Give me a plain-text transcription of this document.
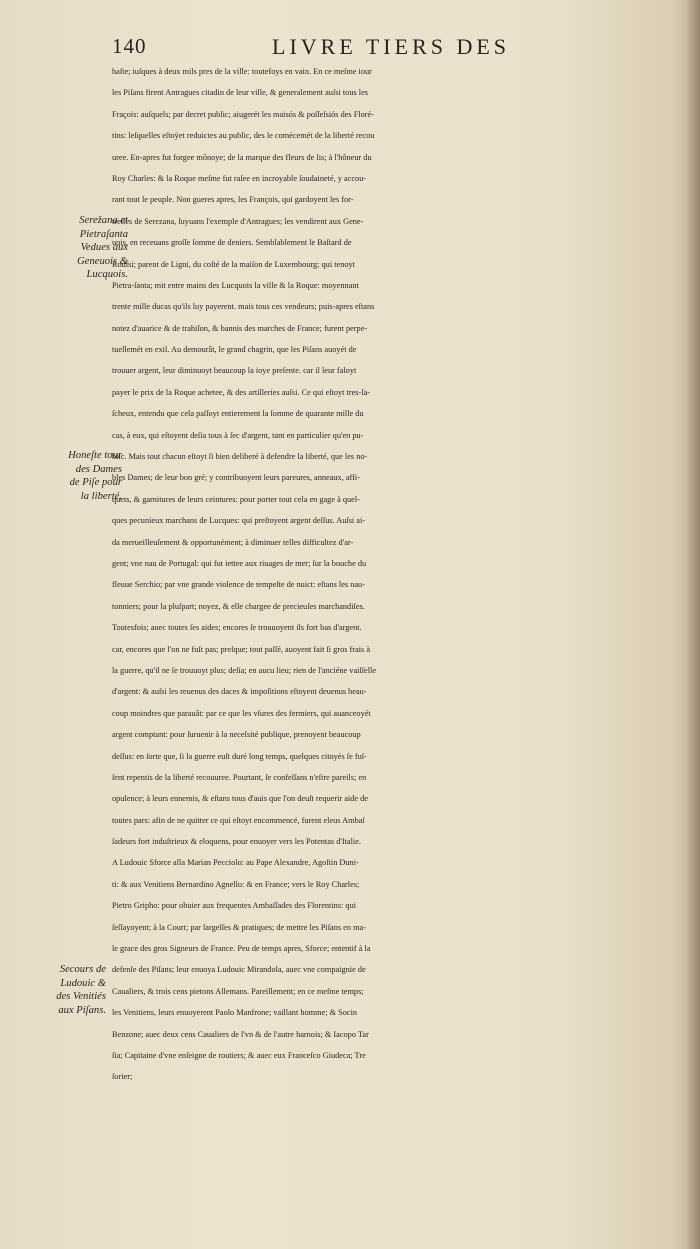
140	LIVRE TIERS DES
Serežana et
Pietraſanta
Vedues aux
Geneuois &
Lucquois.
Honeſte tour
des Dames
de Piſe pour
la liberté.
Secours de
Ludouic &
des Venitiés
aux Piſans.
haſte; iuſques à deux mils pres de la ville: toutefoys en vain. En ce meſme iour
les Piſans firent Antragues citadin de leur ville, & generalement auſsi tous les
Fraçois: auſquels; par decret public; aiugerét les maisós & poſſeſsiós des Floré-
tins: leſquelles eſtoÿet reduictes au public, des le comécemét de la liberté recou
uree. En-apres fut forgee mõnoye; de la marque des fleurs de lis; à l'hôneur du
Roy Charles: & la Roque meſme fut raſee en incroyable ſoudaineté, y accou-
rant tout le peuple. Non gueres apres, les François, qui gardoyent les for-
treſſes de Serezana, ſuyuans l'exemple d'Antragues; les vendirent aux Gene-
uois, en receuans groſſe ſomme de deniers. Semblablement le Baſtard de
Rouſsi; parent de Ligni, du coſté de la maiſon de Luxembourg; qui tenoyt
Pietra-ſanta; mit entre mains des Lucquois la ville & la Roque: moyennant
trente mille ducas qu'ils luy payerent. mais tous ces vendeurs; puis-apres eſtans
notez d'auarice & de trahiſon, & bannis des marches de France; furent perpe-
tuellemét en exil. Au demourât, le grand chagrin, que les Piſans auoyét de
trouuer argent, leur diminuoyt beaucoup la ioye preſente. car il leur faloyt
payer le prix de la Roque achetee, & des artilleries auſsi. Ce qui eſtoyt tres-ſa-
ſcheux, entendu que cela paſſoyt entierement la ſomme de quarante mille du
cas, à eux, qui eſtoyent deſia tous à ſec d'argent, tant en particulier qu'en pu-
blic. Mais tout chacun eſtoyt ſi bien deliberé à defendre la liberté, que les no-
bles Dames; de leur bon gré; y contribuoyent leurs pareures, anneaux, affi-
quets, & garnitures de leurs ceintures: pour porter tout cela en gage à quel-
ques pecunieux marchans de Lucques: qui preſtoyent argent deſſus. Auſsi ai-
da merueilleuſement & opportunément; à diminuer telles difficultez d'ar-
gent; vne nau de Portugal: qui fut iettee aux riuages de mer; ſur la bouche du
fleuue Serchio; par vne grande violence de tempeſte de nuict: eſtans les nau-
tonniers; pour la pluſpart; noyez, & elle chargee de precieuſes marchandiſes.
Toutesfois; auec toutes ſes aides; encores ſe trouuoyent ils fort bas d'argent.
car, encores que l'on ne fuſt pas; preſque; tout paſſé, auoyent fait ſi gros frais à
la guerre, qu'il ne ſe trouuoyt plus; deſia; en aucu lieu; rien de l'anciéne vaiſſelle
d'argent: & auſsi les reuenus des daces & impoſitions eſtoyent deuenus beau-
coup moindres que parauât: par ce que les vſures des fermiers, qui auanceoyét
argent comptant: pour ſuruenir à la neceſsité publique, prenoyent beaucoup
deſſus: en ſorte que, ſi la guerre euſt duré long temps, quelques citoyés ſe fuſ-
ſent repentis de la liberté recouuree. Pourtant, ſe confeſſans n'eſtre pareils; en
opulence; à leurs ennemis, & eſtans tous d'auis que l'on deuſt requerir aide de
toutes pars: afin de ne quitter ce qui eſtoyt encommencé, furent eleus Ambaſ
ſadeurs fort induſtrieux & eloquens, pour enuoyer vers les Potentas d'Italie.
A Ludouic Sforce alla Marian Pecciolo: au Pape Alexandre, Agoſtin Duni-
ti: & aux Venitiens Bernardino Agnello: & en France; vers le Roy Charles;
Pietro Gripho: pour obuier aux frequentes Ambaſſades des Florentins: qui
ſeſſayoyent; à la Court; par largeſſes & pratiques; de mettre les Piſans en ma-
le grace des gros Signeurs de France. Peu de temps apres, Sforce; ententif à la
defenſe des Piſans; leur enuoya Ludouic Mirandola, auec vne compaignie de
Caualiers, & trois cens pietons Allemans. Pareillement; en ce meſme temps;
les Venitiens, leurs enuoyerent Paolo Manfrone; vaillant homme; & Socin
Benzone; auec deux cens Caualiers de l'vn & de l'autre harnois; & Iacopo Tar
ſia; Capitaine d'vne enſeigne de routiers; & auec eux Franceſco Giudeca; Tre
ſorier;
